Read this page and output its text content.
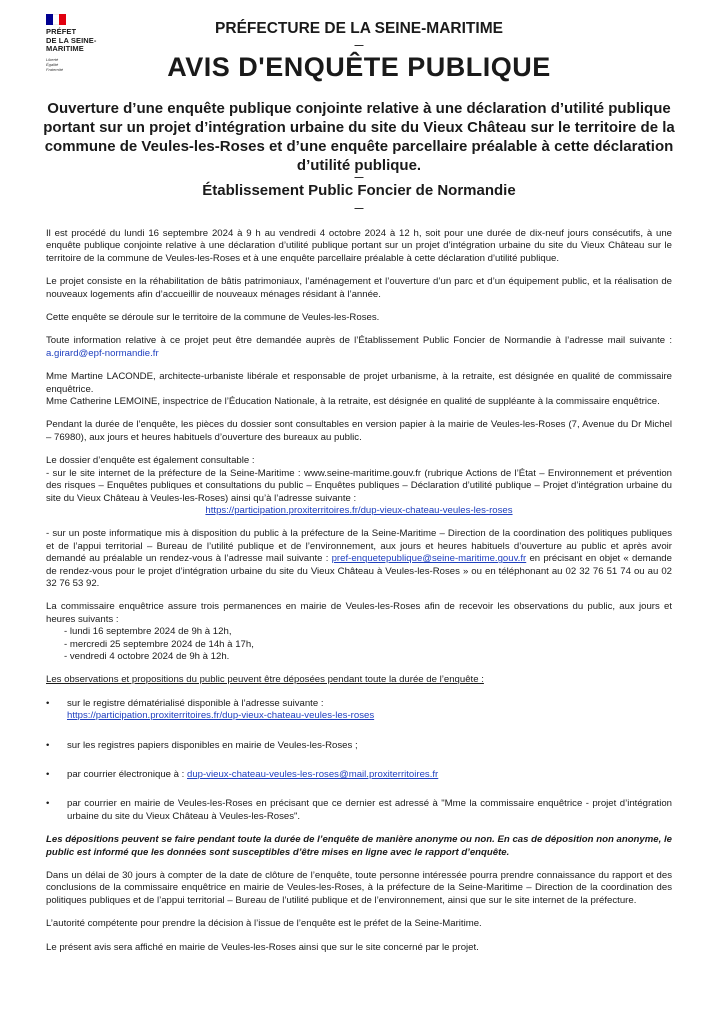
PRÉFET
DE LA SEINE-
MARITIME
Liberté
Égalité
Fraternité
PRÉFECTURE DE LA SEINE-MARITIME
—
AVIS D'ENQUÊTE PUBLIQUE
Ouverture d’une enquête publique conjointe relative à une déclaration d’utilité publique portant sur un projet d’intégration urbaine du site du Vieux Château sur le territoire de la commune de Veules-les-Roses et d’une enquête parcellaire préalable à cette déclaration d’utilité publique.
—
Établissement Public Foncier de Normandie
—

Il est procédé du lundi 16 septembre 2024 à 9 h au vendredi 4 octobre 2024 à 12 h, soit pour une durée de dix-neuf jours consécutifs, à une enquête publique conjointe relative à une déclaration d’utilité publique portant sur un projet d’intégration urbaine du site du Vieux Château sur le territoire de la commune de Veules-les-Roses et à une enquête parcellaire préalable à cette déclaration d’utilité publique.

Le projet consiste en la réhabilitation de bâtis patrimoniaux, l’aménagement et l’ouverture d’un parc et d’un équipement public, et la réalisation de nouveaux logements afin d’accueillir de nouveaux ménages résidant à l’année.

Cette enquête se déroule sur le territoire de la commune de Veules-les-Roses.

Toute information relative à ce projet peut être demandée auprès de l’Établissement Public Foncier de Normandie à l’adresse mail suivante : a.girard@epf-normandie.fr

Mme Martine LACONDE, architecte-urbaniste libérale et responsable de projet urbanisme, à la retraite, est désignée en qualité de commissaire enquêtrice.

Mme Catherine LEMOINE, inspectrice de l’Éducation Nationale, à la retraite, est désignée en qualité de suppléante à la commissaire enquêtrice.

Pendant la durée de l’enquête, les pièces du dossier sont consultables en version papier à la mairie de Veules-les-Roses (7, Avenue du Dr Michel – 76980), aux jours et heures habituels d’ouverture des bureaux au public.

Le dossier d’enquête est également consultable :

- sur le site internet de la préfecture de la Seine-Maritime : www.seine-maritime.gouv.fr (rubrique Actions de l’État – Environnement et prévention des risques – Enquêtes publiques et consultations du public – Enquêtes publiques – Déclaration d’utilité publique – Projet d’intégration urbaine du site du Vieux Château à Veules-les-Roses) ainsi qu’à l’adresse suivante :

https://participation.proxiterritoires.fr/dup-vieux-chateau-veules-les-roses

- sur un poste informatique mis à disposition du public à la préfecture de la Seine-Maritime – Direction de la coordination des politiques publiques et de l’appui territorial – Bureau de l’utilité publique et de l’environnement, aux jours et heures habituels d’ouverture au public et après avoir demandé au préalable un rendez-vous à l’adresse mail suivante : pref-enquetepublique@seine-maritime.gouv.fr en précisant en objet « demande de rendez-vous pour le projet d’intégration urbaine du site du Vieux Château à Veules-les-Roses » ou en téléphonant au 02 32 76 51 74 ou au 02 32 76 53 92.

La commissaire enquêtrice assure trois permanences en mairie de Veules-les-Roses afin de recevoir les observations du public, aux jours et heures suivants :

- lundi 16 septembre 2024 de 9h à 12h,

- mercredi 25 septembre 2024 de 14h à 17h,

- vendredi 4 octobre 2024 de 9h à 12h.

Les observations et propositions du public peuvent être déposées pendant toute la durée de l’enquête :

• sur le registre dématérialisé disponible à l’adresse suivante :

https://participation.proxiterritoires.fr/dup-vieux-chateau-veules-les-roses

• sur les registres papiers disponibles en mairie de Veules-les-Roses ;

• par courrier électronique à : dup-vieux-chateau-veules-les-roses@mail.proxiterritoires.fr

• par courrier en mairie de Veules-les-Roses en précisant que ce dernier est adressé à "Mme la commissaire enquêtrice - projet d’intégration urbaine du site du Vieux Château à Veules-les-Roses".

Les dépositions peuvent se faire pendant toute la durée de l’enquête de manière anonyme ou non. En cas de déposition non anonyme, le public est informé que les données sont susceptibles d’être mises en ligne avec le rapport d’enquête.

Dans un délai de 30 jours à compter de la date de clôture de l’enquête, toute personne intéressée pourra prendre connaissance du rapport et des conclusions de la commissaire enquêtrice en mairie de Veules-les-Roses, à la préfecture de la Seine-Maritime – Direction de la coordination des politiques publiques et de l’appui territorial – Bureau de l’utilité publique et de l’environnement, ainsi que sur le site internet de la préfecture.

L’autorité compétente pour prendre la décision à l’issue de l’enquête est le préfet de la Seine-Maritime.

Le présent avis sera affiché en mairie de Veules-les-Roses ainsi que sur le site concerné par le projet.
